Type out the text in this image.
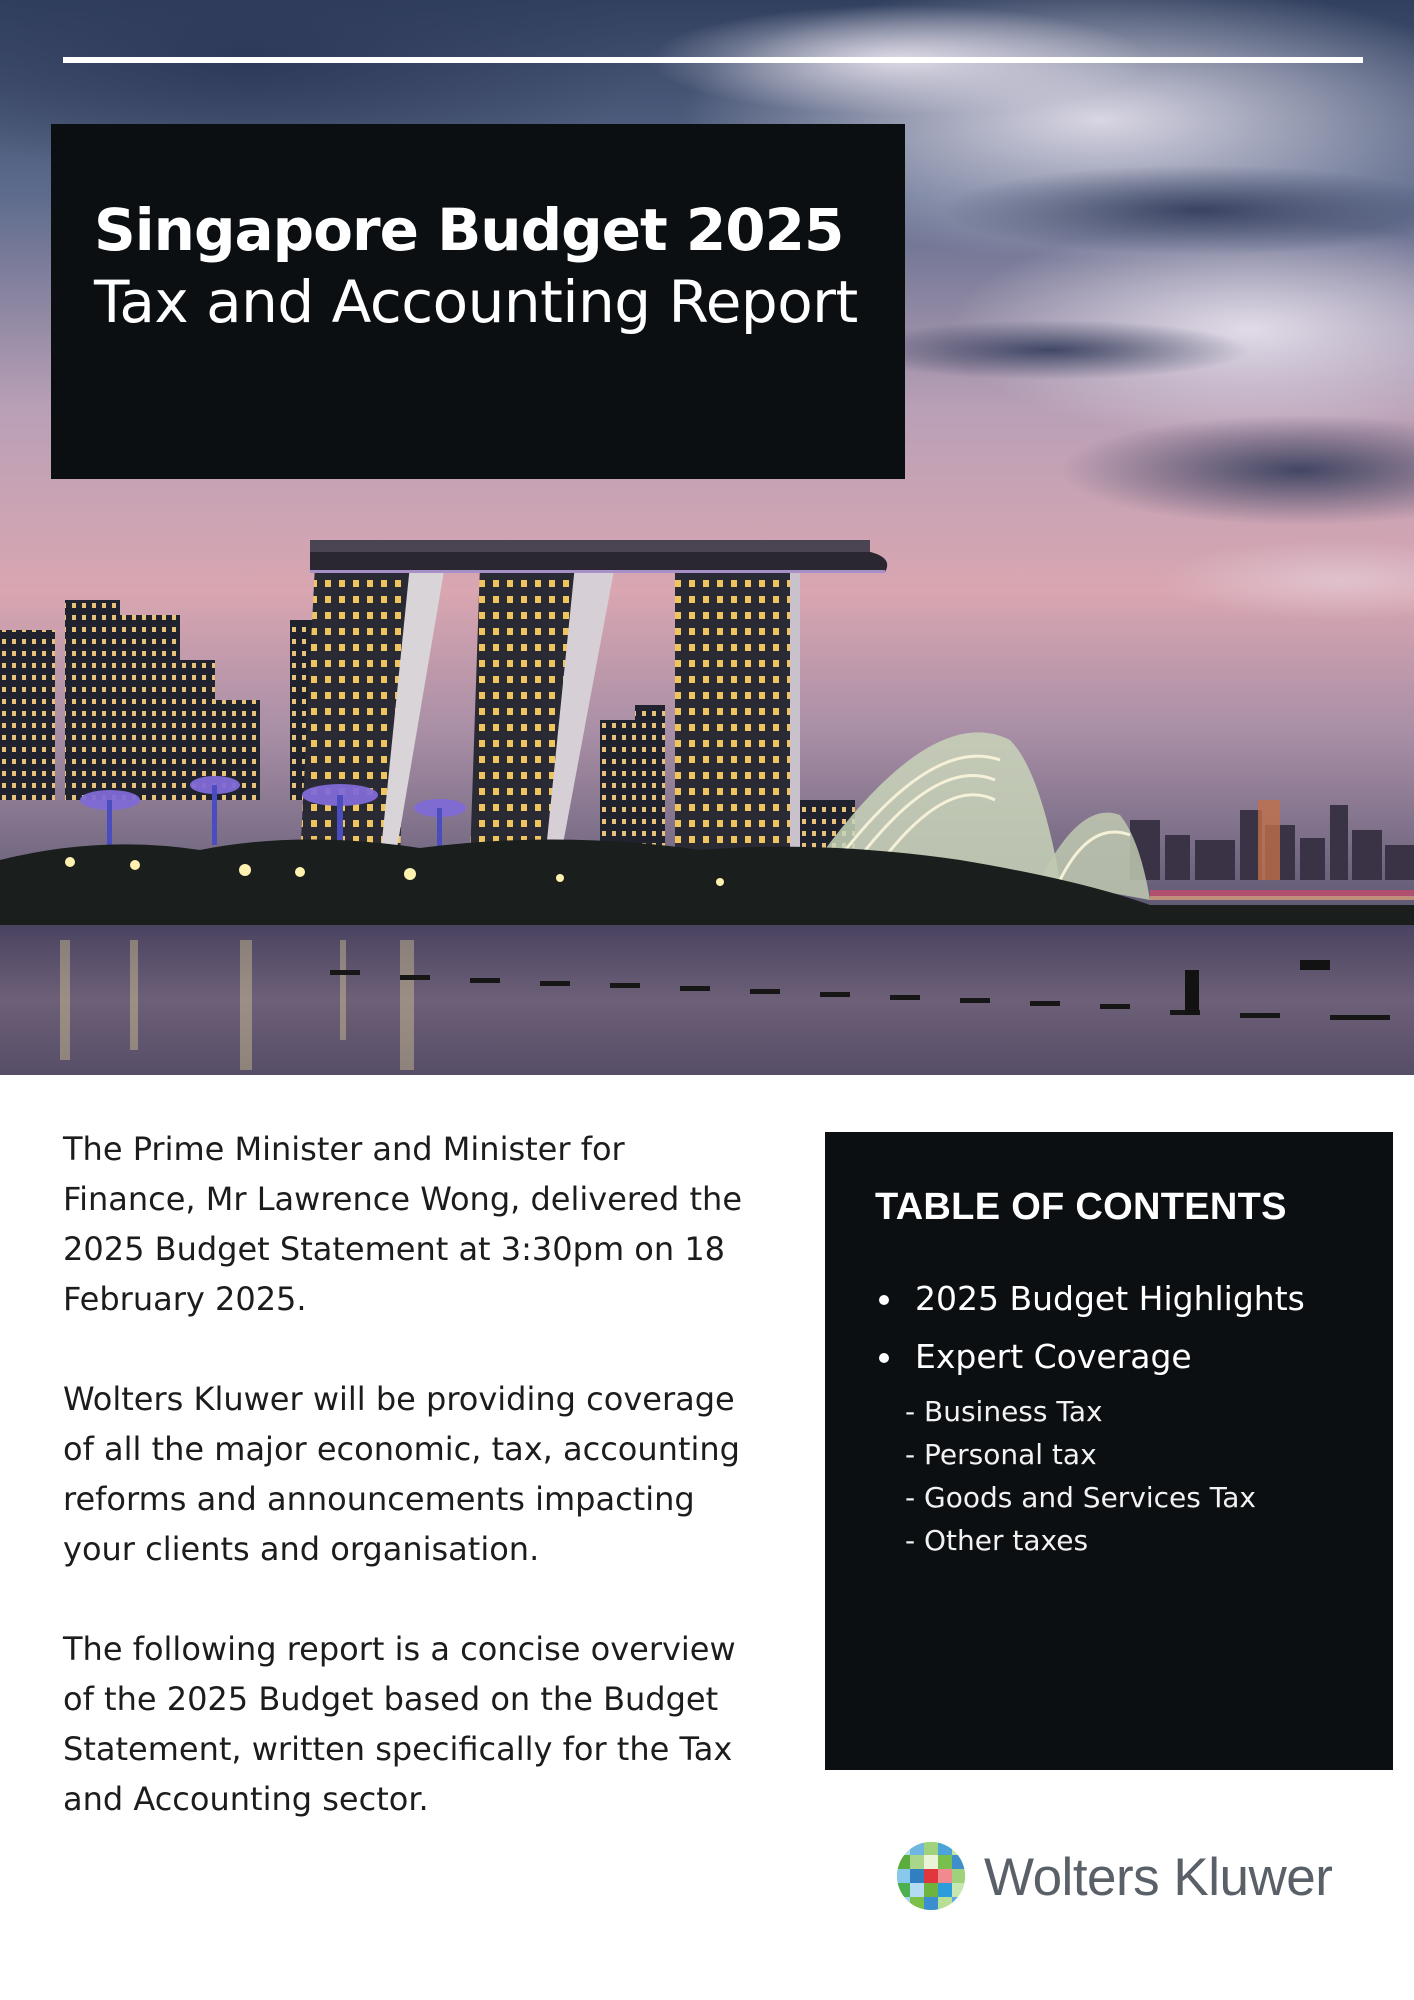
Singapore Budget 2025
Tax and Accounting Report

The Prime Minister and Minister for Finance, Mr Lawrence Wong, delivered the 2025 Budget Statement at 3:30pm on 18 February 2025.

Wolters Kluwer will be providing coverage of all the major economic, tax, accounting reforms and announcements impacting your clients and organisation.

The following report is a concise overview of the 2025 Budget based on the Budget Statement, written specifically for the Tax and Accounting sector.

TABLE OF CONTENTS
2025 Budget Highlights
Expert Coverage
- Business Tax
- Personal tax
- Goods and Services Tax
- Other taxes
Wolters Kluwer
